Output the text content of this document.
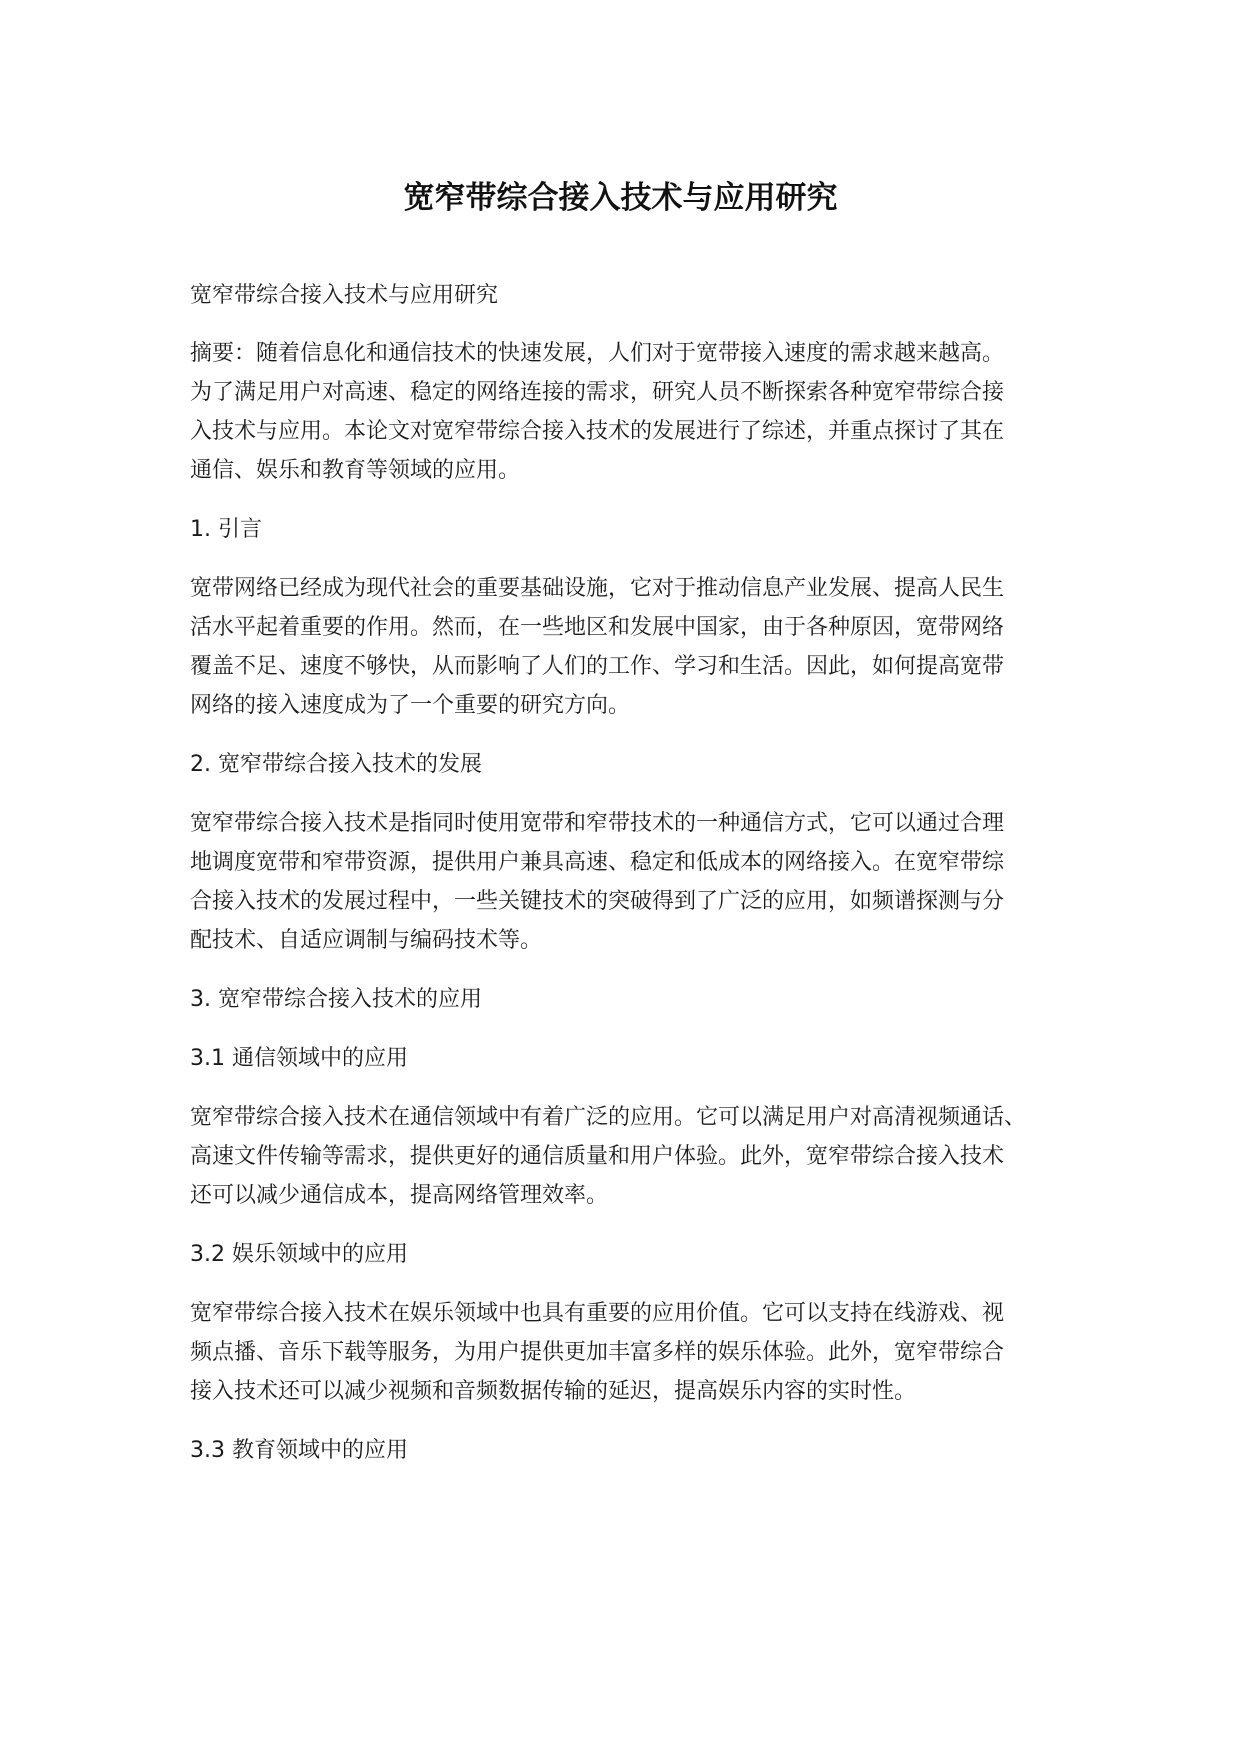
宽窄带综合接入技术与应用研究
宽窄带综合接入技术与应用研究
摘要：随着信息化和通信技术的快速发展，人们对于宽带接入速度的需求越来越高。
为了满足用户对高速、稳定的网络连接的需求，研究人员不断探索各种宽窄带综合接
入技术与应用。本论文对宽窄带综合接入技术的发展进行了综述，并重点探讨了其在
通信、娱乐和教育等领域的应用。
1. 引言
宽带网络已经成为现代社会的重要基础设施，它对于推动信息产业发展、提高人民生
活水平起着重要的作用。然而，在一些地区和发展中国家，由于各种原因，宽带网络
覆盖不足、速度不够快，从而影响了人们的工作、学习和生活。因此，如何提高宽带
网络的接入速度成为了一个重要的研究方向。
2. 宽窄带综合接入技术的发展
宽窄带综合接入技术是指同时使用宽带和窄带技术的一种通信方式，它可以通过合理
地调度宽带和窄带资源，提供用户兼具高速、稳定和低成本的网络接入。在宽窄带综
合接入技术的发展过程中，一些关键技术的突破得到了广泛的应用，如频谱探测与分
配技术、自适应调制与编码技术等。
3. 宽窄带综合接入技术的应用
3.1 通信领域中的应用
宽窄带综合接入技术在通信领域中有着广泛的应用。它可以满足用户对高清视频通话、
高速文件传输等需求，提供更好的通信质量和用户体验。此外，宽窄带综合接入技术
还可以减少通信成本，提高网络管理效率。
3.2 娱乐领域中的应用
宽窄带综合接入技术在娱乐领域中也具有重要的应用价值。它可以支持在线游戏、视
频点播、音乐下载等服务，为用户提供更加丰富多样的娱乐体验。此外，宽窄带综合
接入技术还可以减少视频和音频数据传输的延迟，提高娱乐内容的实时性。
3.3 教育领域中的应用
